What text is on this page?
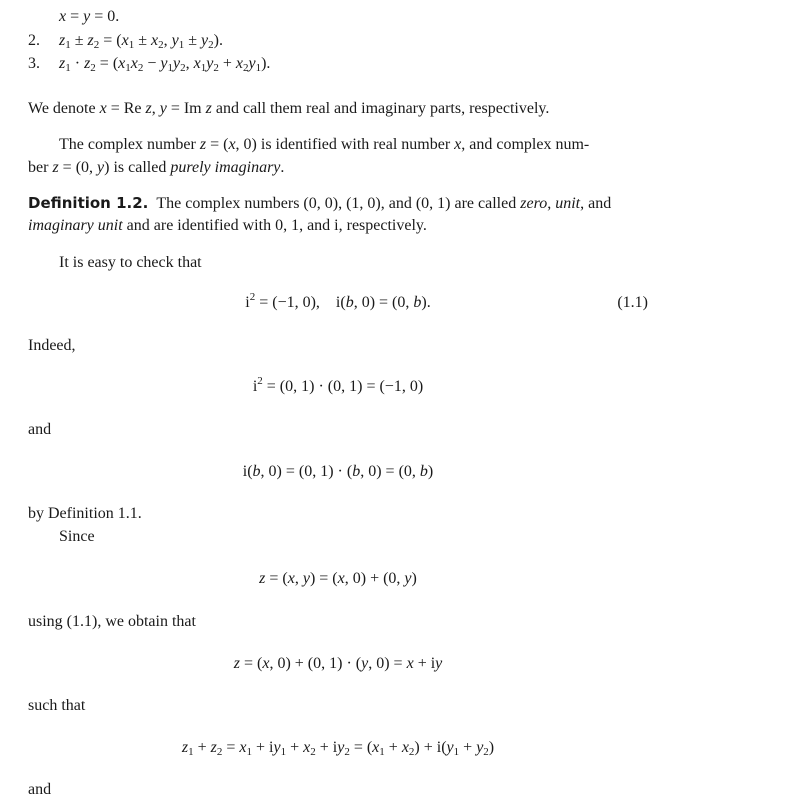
x = y = 0.
2. $z_1 \pm z_2 = (x_1 \pm x_2$, $y_1 \pm y_2$).
3. $z_1 \cdot z_2 = (x_1x_2 - y_1y_2$, $x_1y_2 + x_2y_1$).
We denote x = Re z, y = Im z and call them real and imaginary parts, respectively.
The complex number z = (x, 0) is identified with real number x, and complex num-
ber z = (0, y) is called purely imaginary.
Definition 1.2. The complex numbers (0, 0), (1, 0), and (0, 1) are called zero, unit, and
imaginary unit and are identified with 0, 1, and i, respectively.
It is easy to check that
$i^2 = (-1$, 0),    i(b, 0) = (0, b).	(1.1)
Indeed,
$i^2 = (0$, 1) · (0, 1) = (−1, 0)
and
i(b, 0) = (0, 1) · (b, 0) = (0, b)
by Definition 1.1.
Since
z = (x, y) = (x, 0) + (0, y)
using (1.1), we obtain that
z = (x, 0) + (0, 1) · (y, 0) = x + iy
such that
$z_1 + z_2 = x_1 + iy_1 + x_2 + iy_2 = (x_1 + x_2) + i(y_1 + y_2)$
and
